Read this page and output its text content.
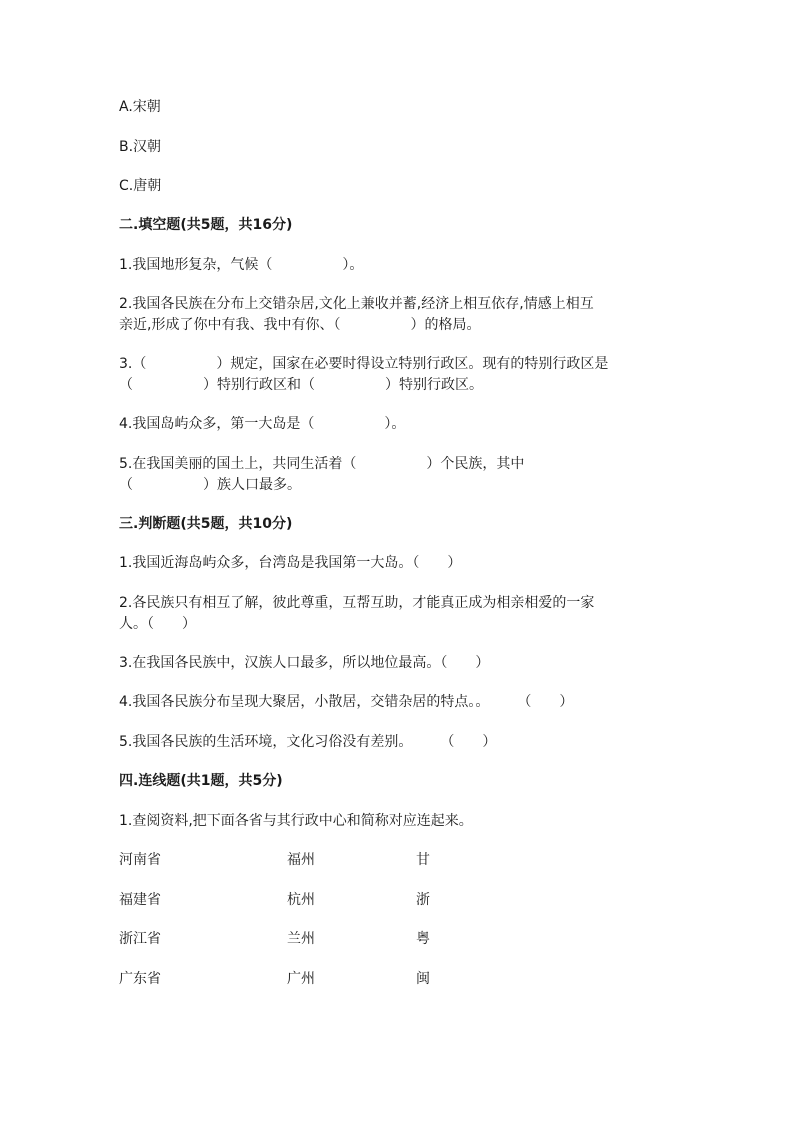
A.宋朝

B.汉朝

C.唐朝

二.填空题(共5题，共16分)

1.我国地形复杂，气候（　　　　　）。

2.我国各民族在分布上交错杂居,文化上兼收并蓄,经济上相互依存,情感上相互

亲近,形成了你中有我、我中有你、（　　　　　）的格局。

3.（　　　　　）规定，国家在必要时得设立特别行政区。现有的特别行政区是

（　　　　　）特别行政区和（　　　　　）特别行政区。

4.我国岛屿众多，第一大岛是（　　　　　）。

5.在我国美丽的国土上，共同生活着（　　　　　）个民族，其中

（　　　　　）族人口最多。

三.判断题(共5题，共10分)

1.我国近海岛屿众多，台湾岛是我国第一大岛。（　　）

2.各民族只有相互了解，彼此尊重，互帮互助，才能真正成为相亲相爱的一家

人。（　　）

3.在我国各民族中，汉族人口最多，所以地位最高。（　　）

4.我国各民族分布呈现大聚居，小散居，交错杂居的特点。。　　　（　　）

5.我国各民族的生活环境，文化习俗没有差别。　　　（　　）

四.连线题(共1题，共5分)

1.查阅资料,把下面各省与其行政中心和简称对应连起来。

河南省	福州	甘
福建省	杭州	浙
浙江省	兰州	粤
广东省	广州	闽
